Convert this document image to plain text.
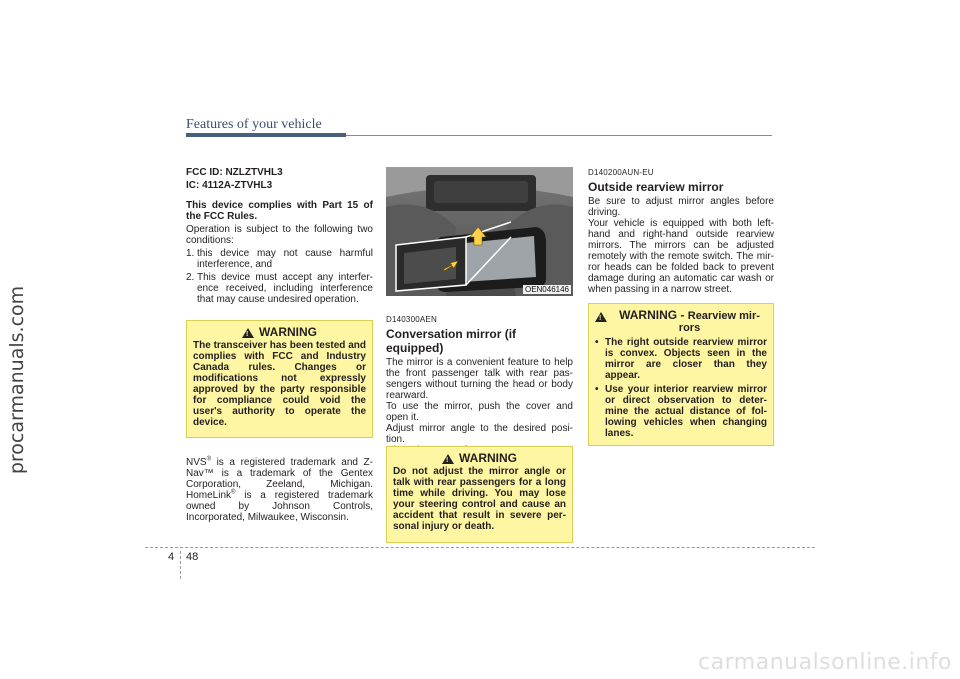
procarmanuals.com
carmanualsonline.info
Features of your vehicle

FCC ID: NZLZTVHL3

IC: 4112A-ZTVHL3

This device complies with Part 15 of the FCC Rules.

Operation is subject to the following two conditions:

1. this device may not cause harmful interference, and
2. This device must accept any interfer- ence received, including interference that may cause undesired operation.
!
WARNING

The transceiver has been tested and complies with FCC and Industry Canada rules. Changes or modifications not expressly approved by the party responsible for compliance could void the user's authority to operate the device.

NVS® is a registered trademark and Z-Nav™ is a trademark of the Gentex Corporation, Zeeland, Michigan. HomeLink® is a registered trademark owned by Johnson Controls, Incorporated, Milwaukee, Wisconsin.
OEN046146

D140300AEN

Conversation mirror (if equipped)

The mirror is a convenient feature to help the front passenger talk with rear pas- sengers without turning the head or body rearward.

To use the mirror, push the cover and open it.

Adjust mirror angle to the desired posi- tion.

!
WARNING

Do not adjust the mirror angle or talk with rear passengers for a long time while driving. You may lose your steering control and cause an accident that result in severe per- sonal injury or death.

D140200AUN-EU

Outside rearview mirror

Be sure to adjust mirror angles before driving.

Your vehicle is equipped with both left- hand and right-hand outside rearview mirrors. The mirrors can be adjusted remotely with the remote switch. The mir- ror heads can be folded back to prevent damage during an automatic car wash or when passing in a narrow street.

!
WARNING - Rearview mir- rors
• The right outside rearview mirror is convex. Objects seen in the mirror are closer than they appear.
• Use your interior rearview mirror or direct observation to deter- mine the actual distance of fol- lowing vehicles when changing lanes.
4 48
